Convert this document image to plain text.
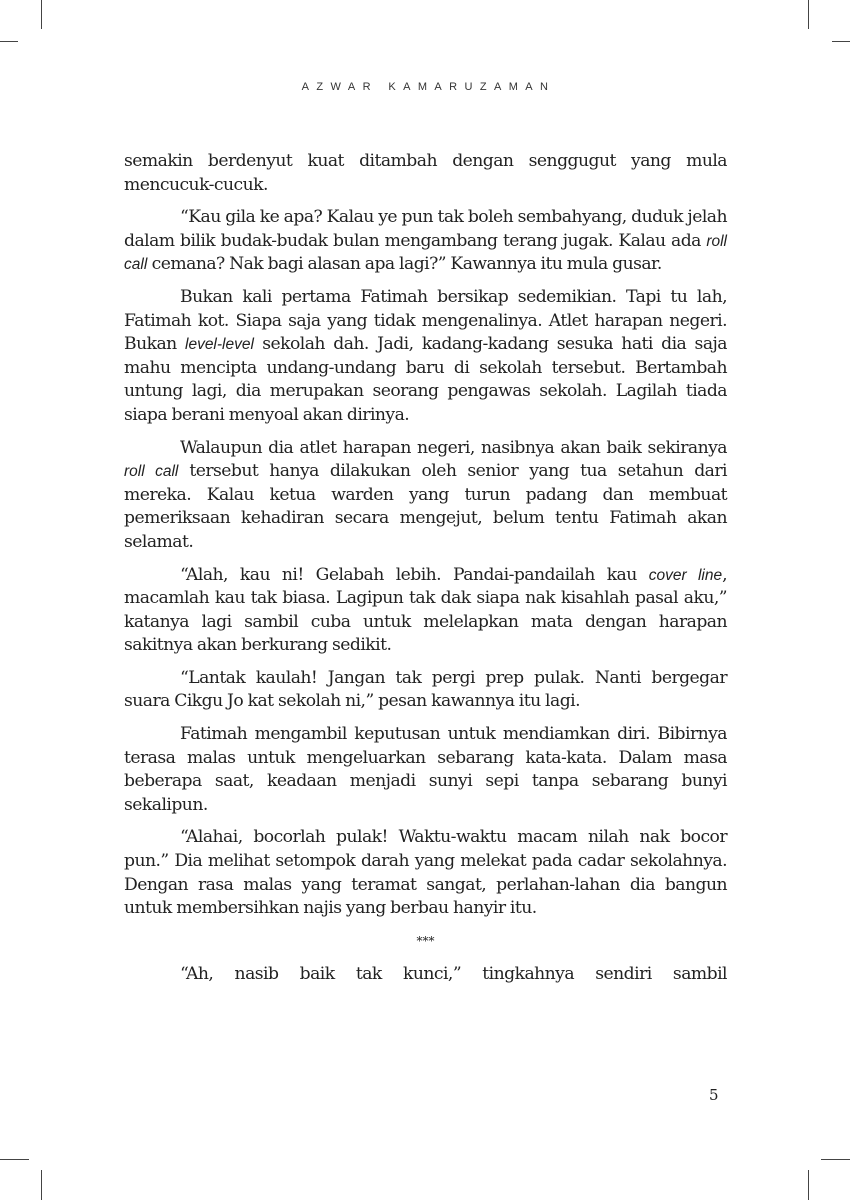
AZWAR KAMARUZAMAN

semakin berdenyut kuat ditambah dengan senggugut yang mula mencucuk-cucuk.

“Kau gila ke apa? Kalau ye pun tak boleh sembahyang, duduk jelah dalam bilik budak-budak bulan mengambang terang jugak. Kalau ada roll call cemana? Nak bagi alasan apa lagi?” Kawannya itu mula gusar.

Bukan kali pertama Fatimah bersikap sedemikian. Tapi tu lah, Fatimah kot. Siapa saja yang tidak mengenalinya. Atlet harapan negeri. Bukan level-level sekolah dah. Jadi, kadang-kadang sesuka hati dia saja mahu mencipta undang-undang baru di sekolah tersebut. Bertambah untung lagi, dia merupakan seorang pengawas sekolah. Lagilah tiada siapa berani menyoal akan dirinya.

Walaupun dia atlet harapan negeri, nasibnya akan baik sekiranya roll call tersebut hanya dilakukan oleh senior yang tua setahun dari mereka. Kalau ketua warden yang turun padang dan membuat pemeriksaan kehadiran secara mengejut, belum tentu Fatimah akan selamat.

“Alah, kau ni! Gelabah lebih. Pandai-pandailah kau cover line, macamlah kau tak biasa. Lagipun tak dak siapa nak kisahlah pasal aku,” katanya lagi sambil cuba untuk melelapkan mata dengan harapan sakitnya akan berkurang sedikit.

“Lantak kaulah! Jangan tak pergi prep pulak. Nanti bergegar suara Cikgu Jo kat sekolah ni,” pesan kawannya itu lagi.

Fatimah mengambil keputusan untuk mendiamkan diri. Bibirnya terasa malas untuk mengeluarkan sebarang kata-kata. Dalam masa beberapa saat, keadaan menjadi sunyi sepi tanpa sebarang bunyi sekalipun.

“Alahai, bocorlah pulak! Waktu-waktu macam nilah nak bocor pun.” Dia melihat setompok darah yang melekat pada cadar sekolahnya. Dengan rasa malas yang teramat sangat, perlahan-lahan dia bangun untuk membersihkan najis yang berbau hanyir itu.

***

“Ah, nasib baik tak kunci,” tingkahnya sendiri sambil

5
